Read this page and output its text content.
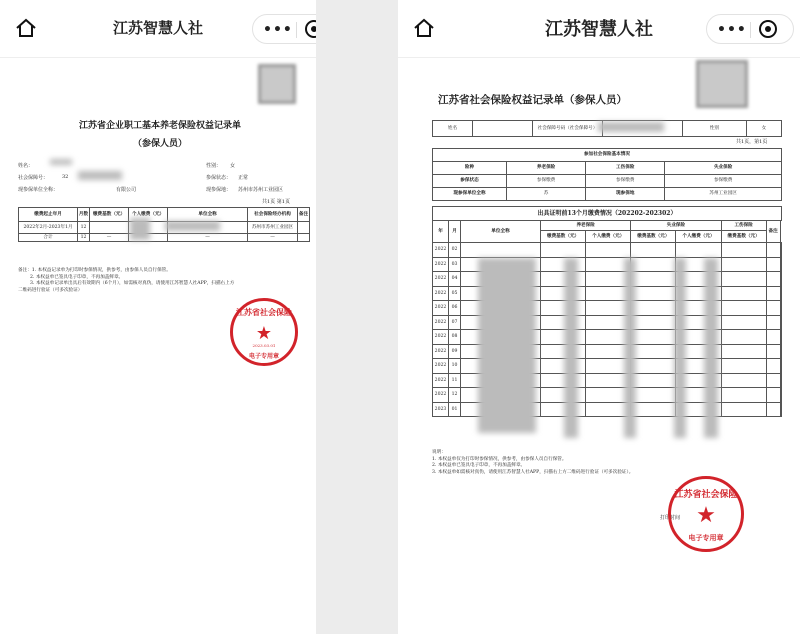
江苏智慧人社	•••
江苏省企业职工基本养老保险权益记录单
（参保人员）
姓名：	性别： 女
社会保障号：	32	参保状态： 正常
现参保单位全称：	有限公司	现参保地： 苏州市苏州工业园区
共1页 第1页
缴费起止年月	月数	缴费基数（元）	个人缴费（元）	单位全称	社会保险经办机构	备注
2022年2月-2023年1月	12				苏州市苏州工业园区	
合计	12	—		—	—	
备注：1. 本权益记录单为打印时参保情况，供参考，由参保人员自行保管。
2. 本权益单已签具电子印章，不再加盖鲜章。
3. 本权益单记录单出具后有效期内（6个月），如需核对真伪，请使用江苏智慧人社APP，扫描右上方
二维码进行验证（可多次验证）
江苏省社会保险
★
2023.03.01
电子专用章
江苏智慧人社	•••
江苏省社会保险权益记录单（参保人员）
姓名		社会保障号码（社会保障号）		性别	女
共1页，第1页
参加社会保险基本情况			
险种	养老保险	工伤保险	失业保险
参保状态	参保缴费	参保缴费	参保缴费
现参保单位全称	苏	现参保地	苏州工业园区
出具证明前13个月缴费情况（202202-202302）									
年	月	单位全称	养老保险		失业保险		工伤保险	备注	
			缴费基数（元）	个人缴费（元）	缴费基数（元）	个人缴费（元）	缴费基数（元）		
2022	02								
2022	03								
2022	04								
2022	05								
2022	06								
2022	07								
2022	08								
2022	09								
2022	10								
2022	11								
2022	12								
2023	01								
说明：
1. 本权益单仅为打印时参保情况，供参考，由参保人员自行保管。
2. 本权益单已签具电子印章，不再加盖鲜章。
3. 本权益单如需核对真伪，请使用江苏智慧人社APP，扫描右上方二维码进行验证（可多次验证）。
打印时间
江苏省社会保险
★
电子专用章
